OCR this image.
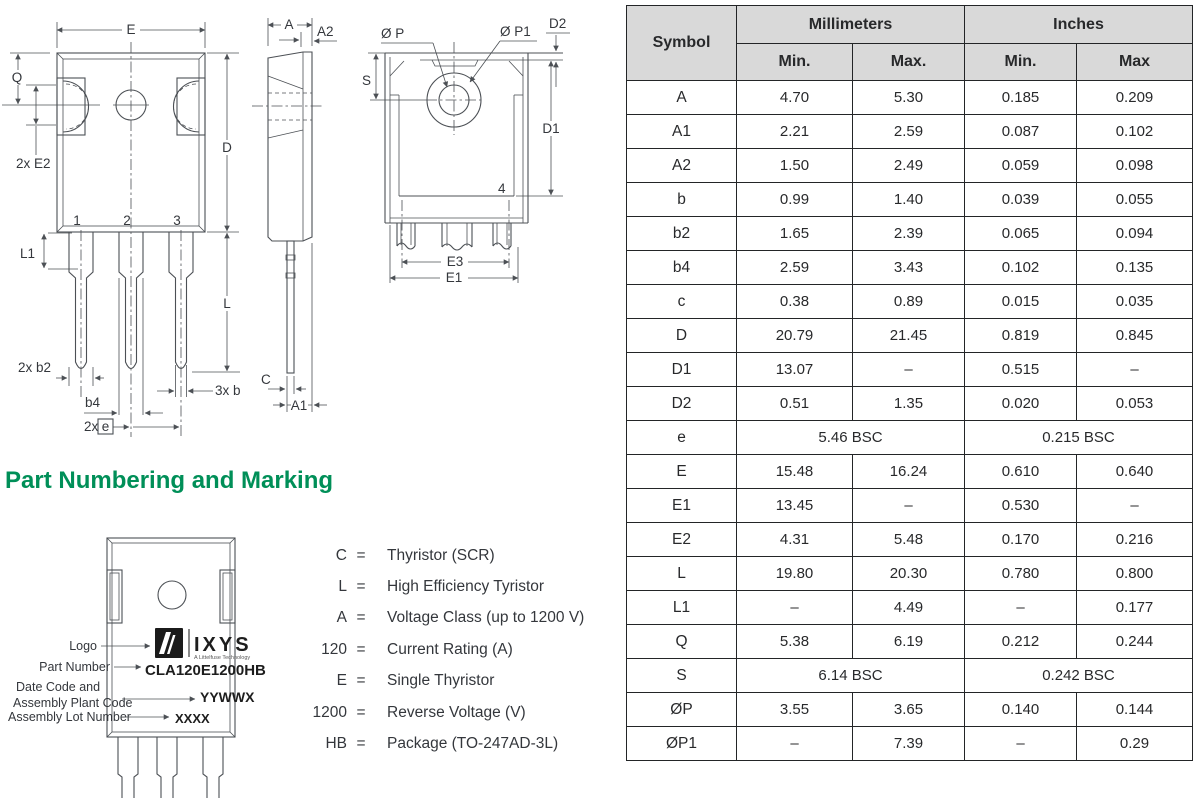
1	2	3
E
Q
2x E2
D
L
L1
2x b2
b4
2x e
3x b
A A2
C
A1
Ø P	Ø P1
D2
S
D1
4
E3
E1
Part Numbering and Marking
IXYS
A Littelfuse Technology
CLA120E1200HB
YYWWX
XXXX
Logo
Part Number
Date Code and
Assembly Plant Code
Assembly Lot Number
C =	Thyristor (SCR)
L =	High Efficiency Tyristor
A =	Voltage Class (up to 1200 V)
120 =	Current Rating (A)
E =	Single Thyristor
1200 =	Reverse Voltage (V)
HB =	Package (TO-247AD-3L)
Symbol	Millimeters		Inches	
	Min.	Max.	Min.	Max
A	4.70	5.30	0.185	0.209
A1	2.21	2.59	0.087	0.102
A2	1.50	2.49	0.059	0.098
b	0.99	1.40	0.039	0.055
b2	1.65	2.39	0.065	0.094
b4	2.59	3.43	0.102	0.135
c	0.38	0.89	0.015	0.035
D	20.79	21.45	0.819	0.845
D1	13.07	–	0.515	–
D2	0.51	1.35	0.020	0.053
e	5.46 BSC		0.215 BSC	
E	15.48	16.24	0.610	0.640
E1	13.45	–	0.530	–
E2	4.31	5.48	0.170	0.216
L	19.80	20.30	0.780	0.800
L1	–	4.49	–	0.177
Q	5.38	6.19	0.212	0.244
S	6.14 BSC		0.242 BSC	
ØP	3.55	3.65	0.140	0.144
ØP1	–	7.39	–	0.29
